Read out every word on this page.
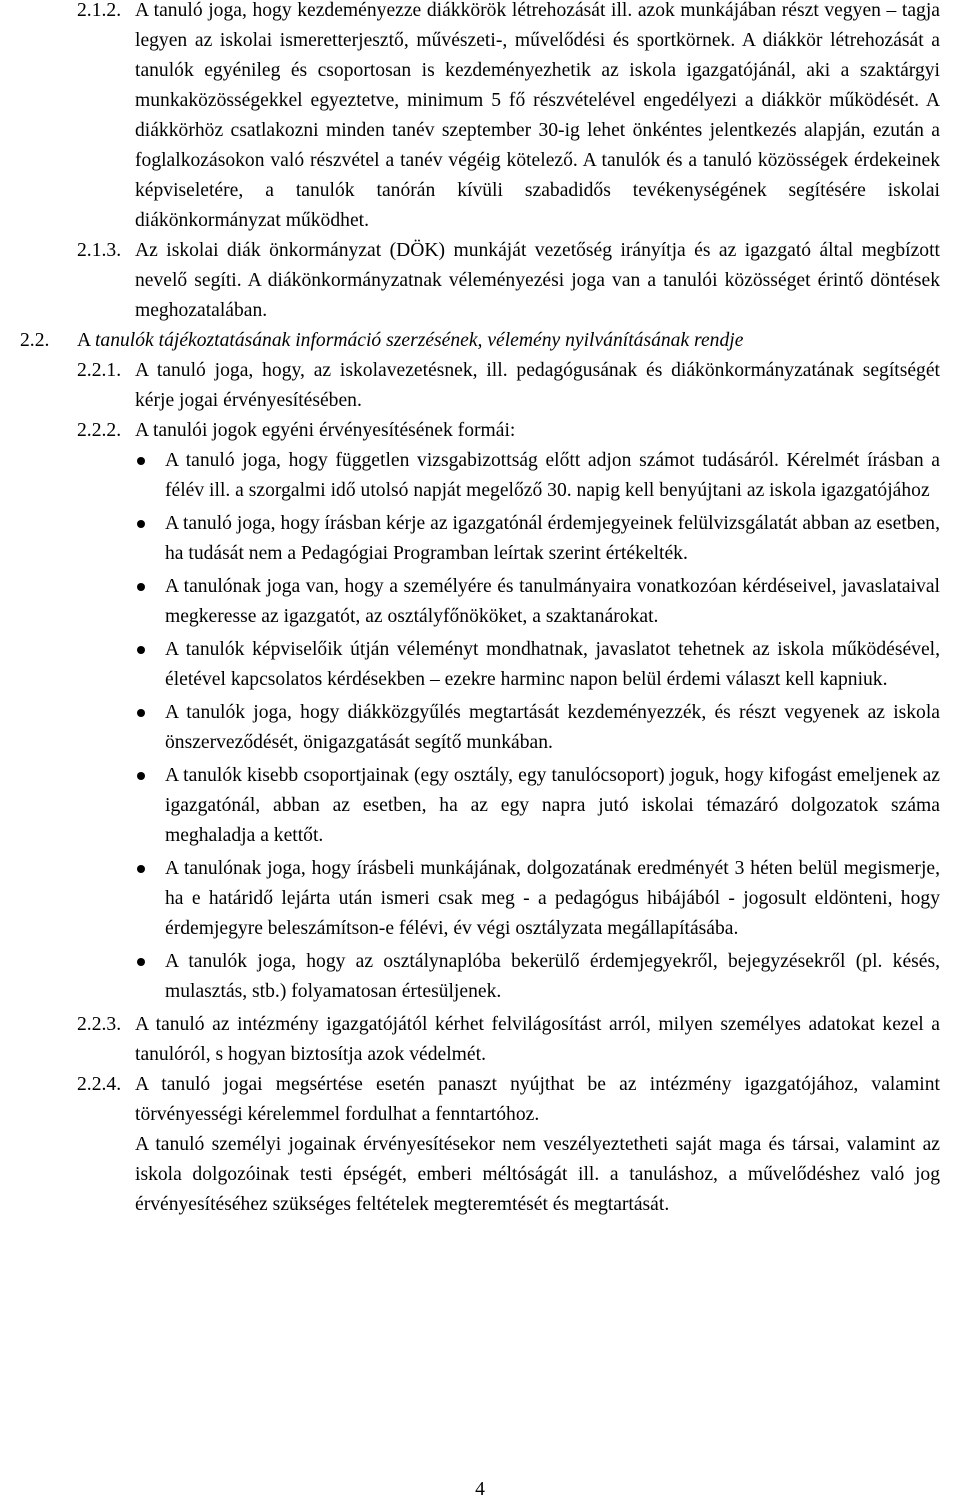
2.1.2. A tanuló joga, hogy kezdeményezze diákkörök létrehozását ill. azok munkájában részt vegyen – tagja legyen az iskolai ismeretterjesztő, művészeti-, művelődési és sportkörnek. A diákkör létrehozását a tanulók egyénileg és csoportosan is kezdeményezhetik az iskola igazgatójánál, aki a szaktárgyi munkaközösségekkel egyeztetve, minimum 5 fő részvételével engedélyezi a diákkör működését. A diákkörhöz csatlakozni minden tanév szeptember 30-ig lehet önkéntes jelentkezés alapján, ezután a foglalkozásokon való részvétel a tanév végéig kötelező. A tanulók és a tanuló közösségek érdekeinek képviseletére, a tanulók tanórán kívüli szabadidős tevékenységének segítésére iskolai diákönkormányzat működhet.
2.1.3. Az iskolai diák önkormányzat (DÖK) munkáját vezetőség irányítja és az igazgató által megbízott nevelő segíti. A diákönkormányzatnak véleményezési joga van a tanulói közösséget érintő döntések meghozatalában.
2.2.	A tanulók tájékoztatásának információ szerzésének, vélemény nyilvánításának rendje
2.2.1. A tanuló joga, hogy, az iskolavezetésnek, ill. pedagógusának és diákönkormányzatának segítségét kérje jogai érvényesítésében.
2.2.2. A tanulói jogok egyéni érvényesítésének formái:
A tanuló joga, hogy független vizsgabizottság előtt adjon számot tudásáról. Kérelmét írásban a félév ill. a szorgalmi idő utolsó napját megelőző 30. napig kell benyújtani az iskola igazgatójához
A tanuló joga, hogy írásban kérje az igazgatónál érdemjegyeinek felülvizsgálatát abban az esetben, ha tudását nem a Pedagógiai Programban leírtak szerint értékelték.
A tanulónak joga van, hogy a személyére és tanulmányaira vonatkozóan kérdéseivel, javaslataival megkeresse az igazgatót, az osztályfőnököket, a szaktanárokat.
A tanulók képviselőik útján véleményt mondhatnak, javaslatot tehetnek az iskola működésével, életével kapcsolatos kérdésekben – ezekre harminc napon belül érdemi választ kell kapniuk.
A tanulók joga, hogy diákközgyűlés megtartását kezdeményezzék, és részt vegyenek az iskola önszerveződését, önigazgatását segítő munkában.
A tanulók kisebb csoportjainak (egy osztály, egy tanulócsoport) joguk, hogy kifogást emeljenek az igazgatónál, abban az esetben, ha az egy napra jutó iskolai témazáró dolgozatok száma meghaladja a kettőt.
A tanulónak joga, hogy írásbeli munkájának, dolgozatának eredményét 3 héten belül megismerje, ha e határidő lejárta után ismeri csak meg - a pedagógus hibájából - jogosult eldönteni, hogy érdemjegyre beleszámítson-e félévi, év végi osztályzata megállapításába.
A tanulók joga, hogy az osztálynaplóba bekerülő érdemjegyekről, bejegyzésekről (pl. késés, mulasztás, stb.) folyamatosan értesüljenek.
2.2.3. A tanuló az intézmény igazgatójától kérhet felvilágosítást arról, milyen személyes adatokat kezel a tanulóról, s hogyan biztosítja azok védelmét.
2.2.4. A tanuló jogai megsértése esetén panaszt nyújthat be az intézmény igazgatójához, valamint törvényességi kérelemmel fordulhat a fenntartóhoz.
A tanuló személyi jogainak érvényesítésekor nem veszélyeztetheti saját maga és társai, valamint az iskola dolgozóinak testi épségét, emberi méltóságát ill. a tanuláshoz, a művelődéshez való jog érvényesítéséhez szükséges feltételek megteremtését és megtartását.
4
